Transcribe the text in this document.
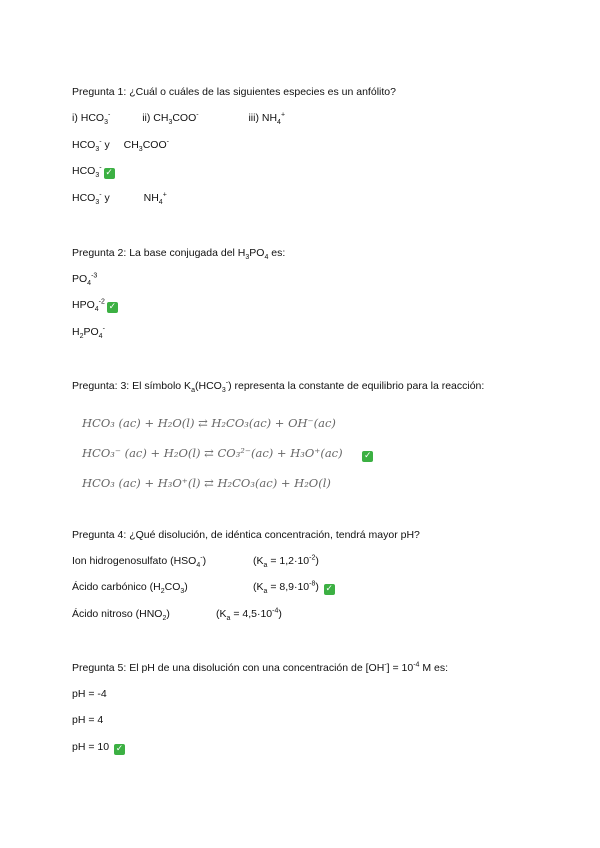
Pregunta 1: ¿Cuál o cuáles de las siguientes especies es un anfólito?
i) $HCO_3^-$	ii) $CH_3COO^-$	iii) $NH_4^+$
$HCO_3^-$ y $CH_3COO^-$
$HCO_3^-$ ✓
$HCO_3^-$ y	$NH_4^+$
Pregunta 2: La base conjugada del $H_3PO_4$ es:
$PO_4^{-3}$
$HPO_4^{-2}$ ✓
$H_2PO_4^-$
Pregunta: 3: El símbolo $K_a(HCO_3^-)$ representa la constante de equilibrio para la reacción:
HCO₃ (ac) + H₂O(l) ⇄ H₂CO₃(ac) + OH⁻(ac)
HCO₃⁻ (ac) + H₂O(l) ⇄ CO₃²⁻(ac) + H₃O⁺(ac) ✓
HCO₃ (ac) + H₃O⁺(l) ⇄ H₂CO₃(ac) + H₂O(l)
Pregunta 4: ¿Qué disolución, de idéntica concentración, tendrá mayor pH?
Ion hidrogenosulfato $(HSO_4^-)$	$(K_a = 1,2\cdot 10^{-2})$
Ácido carbónico $(H_2CO_3)$	$(K_a = 8,9\cdot 10^{-8})$ ✓
Ácido nitroso $(HNO_2)$	$(K_a = 4,5\cdot 10^{-4})$
Pregunta 5: El pH de una disolución con una concentración de $[OH^-] = 10^{-4}$ M es:
pH = -4
pH = 4
pH = 10 ✓
